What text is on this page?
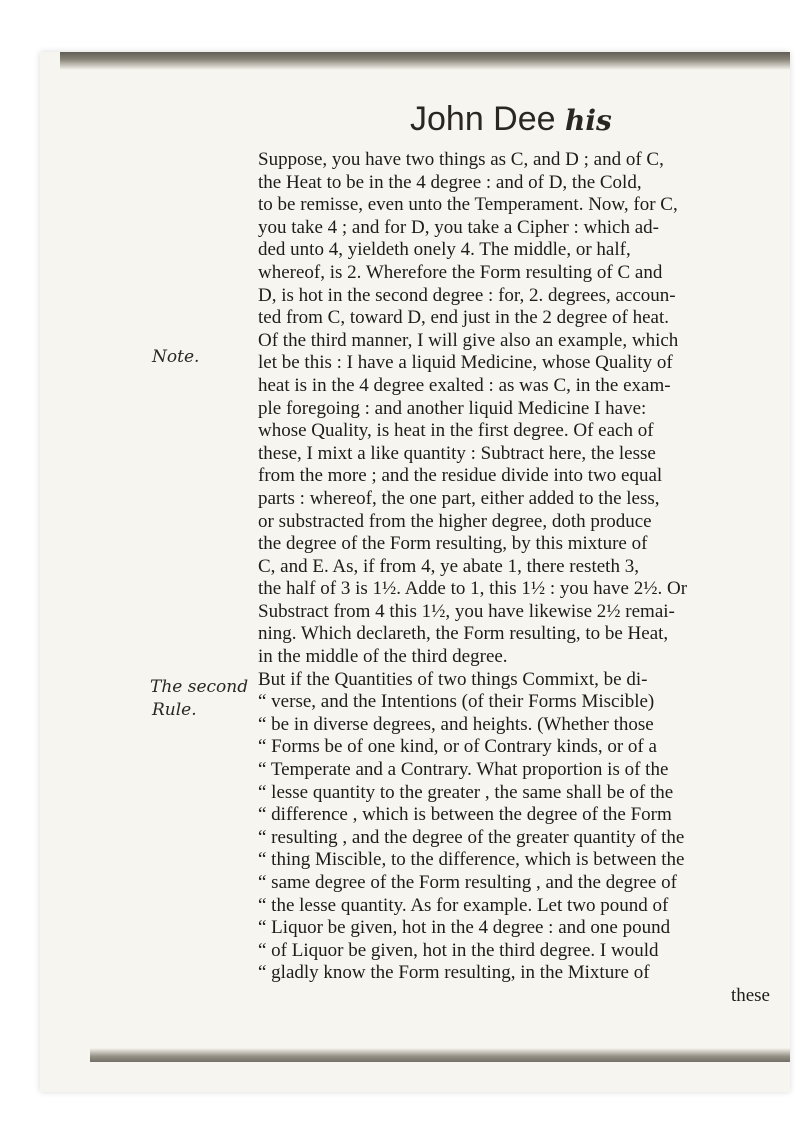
John Dee his
Note.
The second
Rule.
Suppose, you have two things as C, and D ; and of C,
the Heat to be in the 4 degree : and of D, the Cold,
to be remisse, even unto the Temperament. Now, for C,
you take 4 ; and for D, you take a Cipher : which ad-
ded unto 4, yieldeth onely 4. The middle, or half,
whereof, is 2. Wherefore the Form resulting of C and
D, is hot in the second degree : for, 2. degrees, accoun-
ted from C, toward D, end just in the 2 degree of heat.
Of the third manner, I will give also an example, which
let be this : I have a liquid Medicine, whose Quality of
heat is in the 4 degree exalted : as was C, in the exam-
ple foregoing : and another liquid Medicine I have:
whose Quality, is heat in the first degree. Of each of
these, I mixt a like quantity : Subtract here, the lesse
from the more ; and the residue divide into two equal
parts : whereof, the one part, either added to the less,
or substracted from the higher degree, doth produce
the degree of the Form resulting, by this mixture of
C, and E. As, if from 4, ye abate 1, there resteth 3,
the half of 3 is 1½. Adde to 1, this 1½ : you have 2½. Or
Substract from 4 this 1½, you have likewise 2½ remai-
ning. Which declareth, the Form resulting, to be Heat,
in the middle of the third degree.
But if the Quantities of two things Commixt, be di-
“ verse, and the Intentions (of their Forms Miscible)
“ be in diverse degrees, and heights. (Whether those
“ Forms be of one kind, or of Contrary kinds, or of a
“ Temperate and a Contrary. What proportion is of the
“ lesse quantity to the greater , the same shall be of the
“ difference , which is between the degree of the Form
“ resulting , and the degree of the greater quantity of the
“ thing Miscible, to the difference, which is between the
“ same degree of the Form resulting , and the degree of
“ the lesse quantity. As for example. Let two pound of
“ Liquor be given, hot in the 4 degree : and one pound
“ of Liquor be given, hot in the third degree. I would
“ gladly know the Form resulting, in the Mixture of
these
